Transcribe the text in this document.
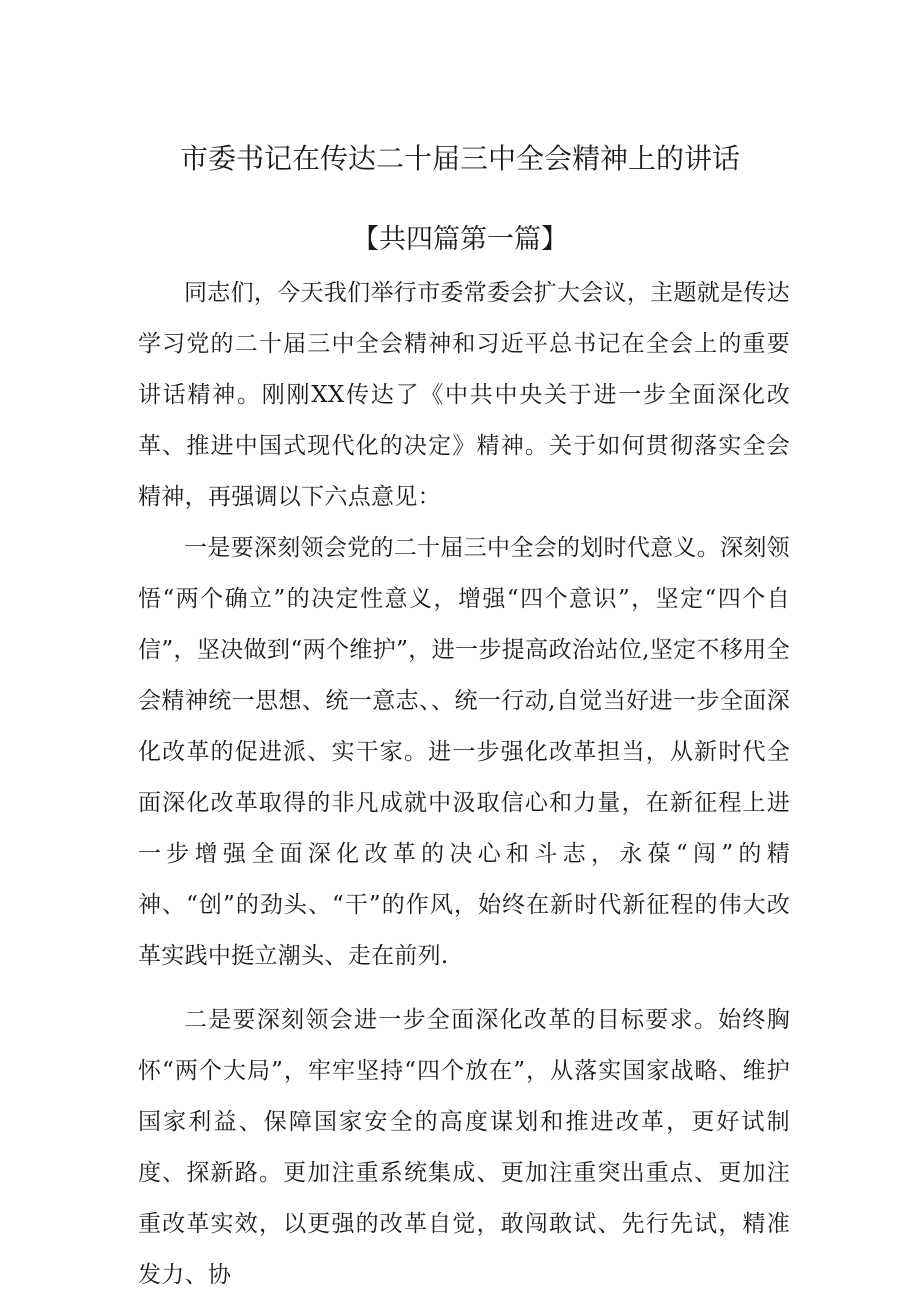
市委书记在传达二十届三中全会精神上的讲话
【共四篇第一篇】

同志们，今天我们举行市委常委会扩大会议，主题就是传达学习党的二十届三中全会精神和习近平总书记在全会上的重要讲话精神。刚刚XX传达了《中共中央关于进一步全面深化改革、推进中国式现代化的决定》精神。关于如何贯彻落实全会精神，再强调以下六点意见：

一是要深刻领会党的二十届三中全会的划时代意义。深刻领悟“两个确立”的决定性意义，增强“四个意识”，坚定“四个自信”，坚决做到“两个维护”，进一步提高政治站位,坚定不移用全会精神统一思想、统一意志、、统一行动,自觉当好进一步全面深化改革的促进派、实干家。进一步强化改革担当，从新时代全面深化改革取得的非凡成就中汲取信心和力量，在新征程上进一步增强全面深化改革的决心和斗志，永葆“闯”的精神、“创”的劲头、“干”的作风，始终在新时代新征程的伟大改革实践中挺立潮头、走在前列.

二是要深刻领会进一步全面深化改革的目标要求。始终胸怀“两个大局”，牢牢坚持“四个放在”，从落实国家战略、维护国家利益、保障国家安全的高度谋划和推进改革，更好试制度、探新路。更加注重系统集成、更加注重突出重点、更加注重改革实效，以更强的改革自觉，敢闯敢试、先行先试，精准发力、协
